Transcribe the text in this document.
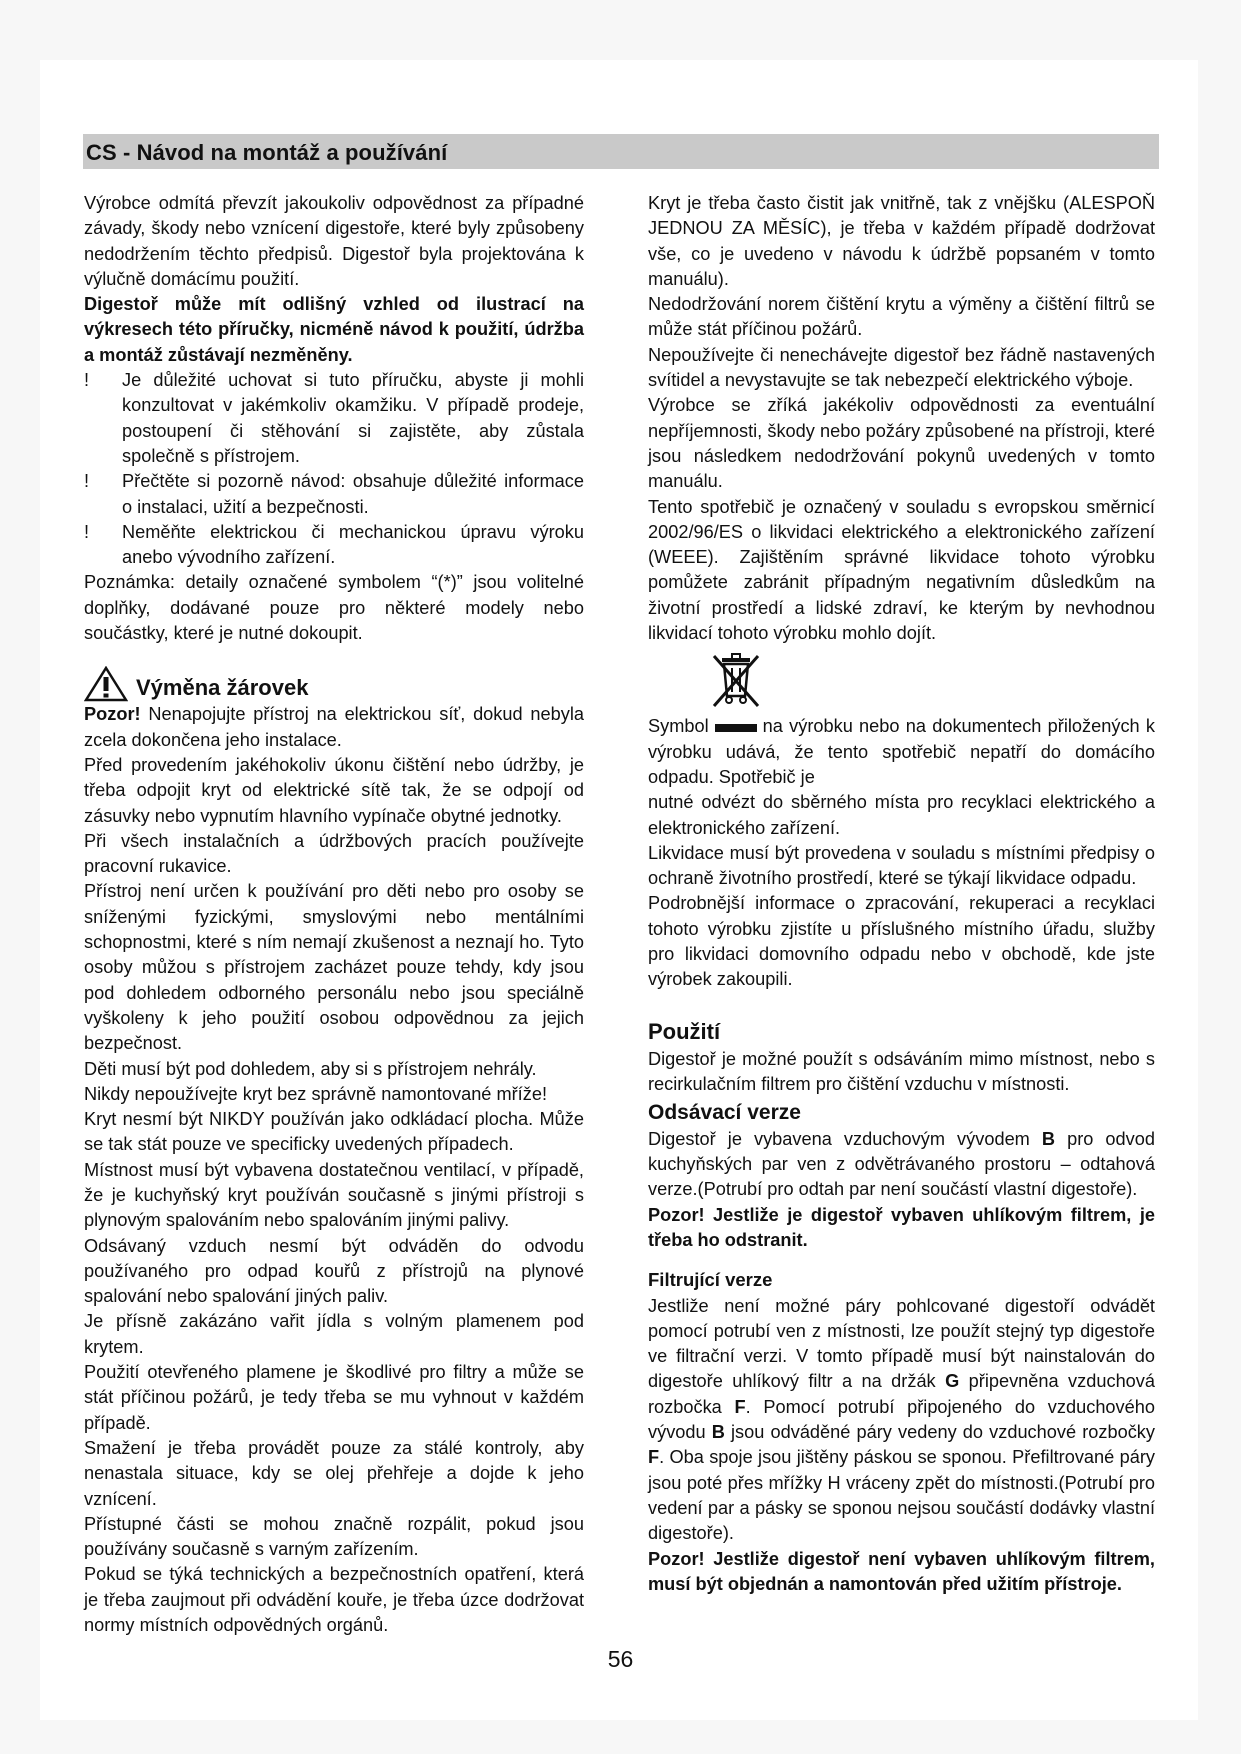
CS - Návod na montáž a používání

Výrobce odmítá převzít jakoukoliv odpovědnost za případné závady, škody nebo vznícení digestoře, které byly způsobeny nedodržením těchto předpisů. Digestoř byla projektována k výlučně domácímu použití.

Digestoř může mít odlišný vzhled od ilustrací na výkresech této příručky, nicméně návod k použití, údržba a montáž zůstávají nezměněny.

!	Je důležité uchovat si tuto příručku, abyste ji mohli konzultovat v jakémkoliv okamžiku. V případě prodeje, postoupení či stěhování si zajistěte, aby zůstala společně s přístrojem.
!	Přečtěte si pozorně návod: obsahuje důležité informace o instalaci, užití a bezpečnosti.
!	Neměňte elektrickou či mechanickou úpravu výroku anebo vývodního zařízení.

Poznámka: detaily označené symbolem “(*)” jsou volitelné doplňky, dodávané pouze pro některé modely nebo součástky, které je nutné dokoupit.

Výměna žárovek

Pozor! Nenapojujte přístroj na elektrickou síť, dokud nebyla zcela dokončena jeho instalace.

Před provedením jakéhokoliv úkonu čištění nebo údržby, je třeba odpojit kryt od elektrické sítě tak, že se odpojí od zásuvky nebo vypnutím hlavního vypínače obytné jednotky.

Při všech instalačních a údržbových pracích používejte pracovní rukavice.

Přístroj není určen k používání pro děti nebo pro osoby se sníženými fyzickými, smyslovými nebo mentálními schopnostmi, které s ním nemají zkušenost a neznají ho. Tyto osoby můžou s přístrojem zacházet pouze tehdy, kdy jsou pod dohledem odborného personálu nebo jsou speciálně vyškoleny k jeho použití osobou odpovědnou za jejich bezpečnost.

Děti musí být pod dohledem, aby si s přístrojem nehrály.

Nikdy nepoužívejte kryt bez správně namontované mříže!

Kryt nesmí být NIKDY používán jako odkládací plocha. Může se tak stát pouze ve specificky uvedených případech.

Místnost musí být vybavena dostatečnou ventilací, v případě, že je kuchyňský kryt používán současně s jinými přístroji s plynovým spalováním nebo spalováním jinými palivy.

Odsávaný vzduch nesmí být odváděn do odvodu používaného pro odpad kouřů z přístrojů na plynové spalování nebo spalování jiných paliv.

Je přísně zakázáno vařit jídla s volným plamenem pod krytem.

Použití otevřeného plamene je škodlivé pro filtry a může se stát příčinou požárů, je tedy třeba se mu vyhnout v každém případě.

Smažení je třeba provádět pouze za stálé kontroly, aby nenastala situace, kdy se olej přehřeje a dojde k jeho vznícení.

Přístupné části se mohou značně rozpálit, pokud jsou používány současně s varným zařízením.

Pokud se týká technických a bezpečnostních opatření, která je třeba zaujmout při odvádění kouře, je třeba úzce dodržovat normy místních odpovědných orgánů.

Kryt je třeba často čistit jak vnitřně, tak z vnějšku (ALESPOŇ JEDNOU ZA MĚSÍC), je třeba v každém případě dodržovat vše, co je uvedeno v návodu k údržbě popsaném v tomto manuálu).

Nedodržování norem čištění krytu a výměny a čištění filtrů se může stát příčinou požárů.

Nepoužívejte či nenechávejte digestoř bez řádně nastavených svítidel a nevystavujte se tak nebezpečí elektrického výboje.

Výrobce se zříká jakékoliv odpovědnosti za eventuální nepříjemnosti, škody nebo požáry způsobené na přístroji, které jsou následkem nedodržování pokynů uvedených v tomto manuálu.

Tento spotřebič je označený v souladu s evropskou směrnicí 2002/96/ES o likvidaci elektrického a elektronického zařízení (WEEE). Zajištěním správné likvidace tohoto výrobku pomůžete zabránit případným negativním důsledkům na životní prostředí a lidské zdraví, ke kterým by nevhodnou likvidací tohoto výrobku mohlo dojít.

Symbol	na výrobku nebo na dokumentech přiložených k výrobku udává, že tento spotřebič nepatří do domácího odpadu. Spotřebič je

nutné odvézt do sběrného místa pro recyklaci elektrického a elektronického zařízení.

Likvidace musí být provedena v souladu s místními předpisy o ochraně životního prostředí, které se týkají likvidace odpadu.

Podrobnější informace o zpracování, rekuperaci a recyklaci tohoto výrobku zjistíte u příslušného místního úřadu, služby pro likvidaci domovního odpadu nebo v obchodě, kde jste výrobek zakoupili.

Použití

Digestoř je možné použít s odsáváním mimo místnost, nebo s recirkulačním filtrem pro čištění vzduchu v místnosti.

Odsávací verze

Digestoř je vybavena vzduchovým vývodem B pro odvod kuchyňských par ven z odvětrávaného prostoru – odtahová verze.(Potrubí pro odtah par není součástí vlastní digestoře).

Pozor! Jestliže je digestoř vybaven uhlíkovým filtrem, je třeba ho odstranit.

Filtrující verze

Jestliže není možné páry pohlcované digestoří odvádět pomocí potrubí ven z místnosti, lze použít stejný typ digestoře ve filtrační verzi. V tomto případě musí být nainstalován do digestoře uhlíkový filtr a na držák G připevněna vzduchová rozbočka F. Pomocí potrubí připojeného do vzduchového vývodu B jsou odváděné páry vedeny do vzduchové rozbočky F. Oba spoje jsou jištěny páskou se sponou. Přefiltrované páry jsou poté přes mřížky H vráceny zpět do místnosti.(Potrubí pro vedení par a pásky se sponou nejsou součástí dodávky vlastní digestoře).

Pozor! Jestliže digestoř není vybaven uhlíkovým filtrem, musí být objednán a namontován před užitím přístroje.

56
